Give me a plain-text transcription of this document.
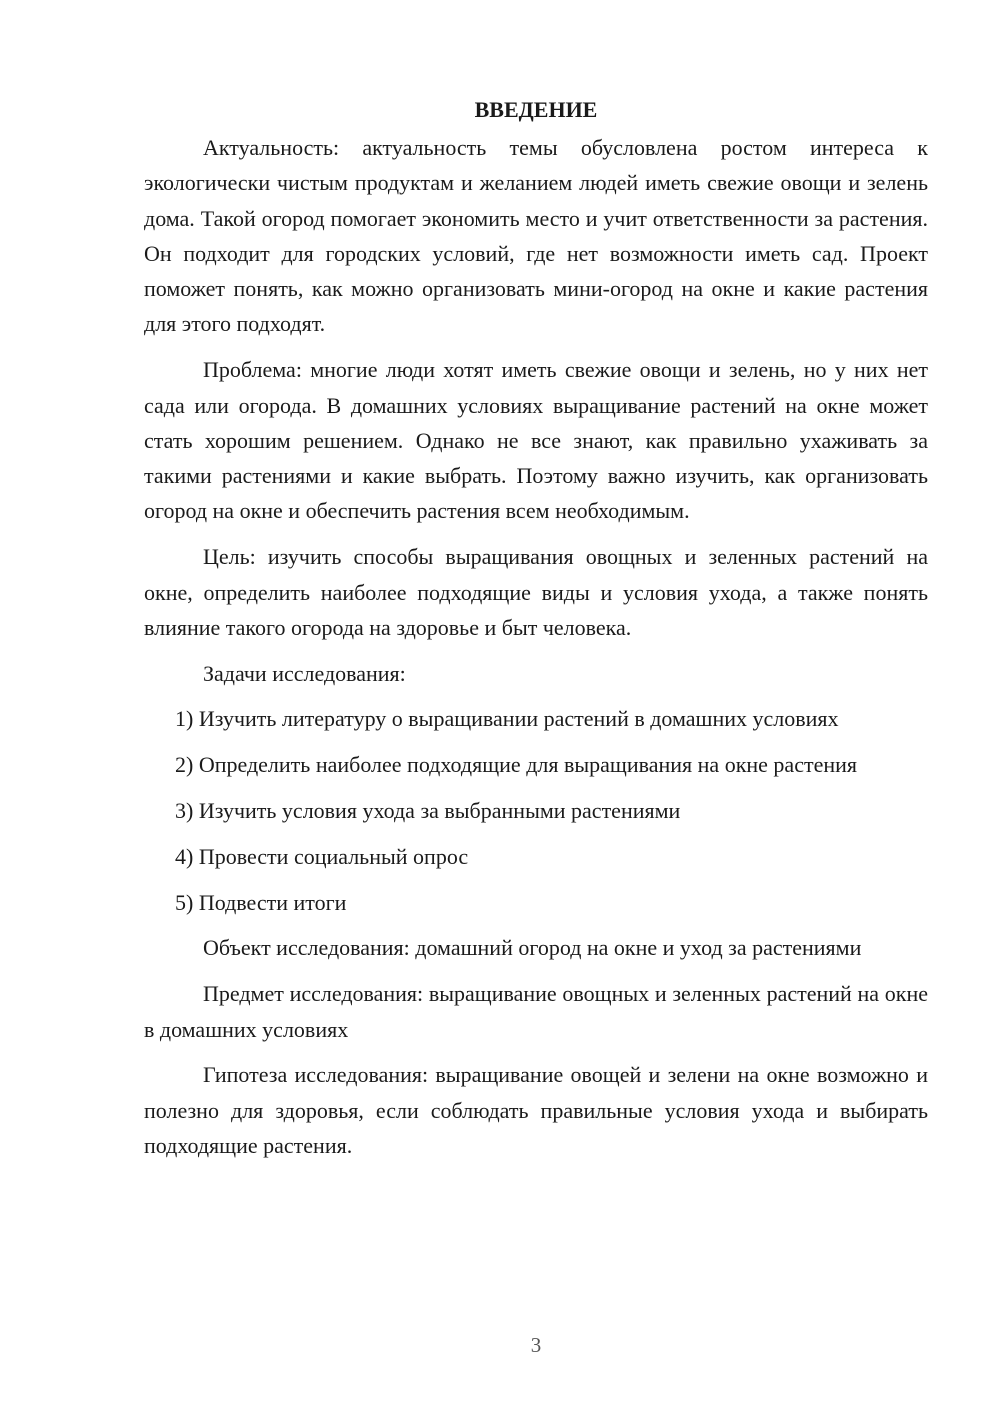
ВВЕДЕНИЕ

Актуальность: актуальность темы обусловлена ростом интереса к экологически чистым продуктам и желанием людей иметь свежие овощи и зелень дома. Такой огород помогает экономить место и учит ответственности за растения. Он подходит для городских условий, где нет возможности иметь сад. Проект поможет понять, как можно организовать мини-огород на окне и какие растения для этого подходят.

Проблема: многие люди хотят иметь свежие овощи и зелень, но у них нет сада или огорода. В домашних условиях выращивание растений на окне может стать хорошим решением. Однако не все знают, как правильно ухаживать за такими растениями и какие выбрать. Поэтому важно изучить, как организовать огород на окне и обеспечить растения всем необходимым.

Цель: изучить способы выращивания овощных и зеленных растений на окне, определить наиболее подходящие виды и условия ухода, а также понять влияние такого огорода на здоровье и быт человека.

Задачи исследования:

1) Изучить литературу о выращивании растений в домашних условиях

2) Определить наиболее подходящие для выращивания на окне растения

3) Изучить условия ухода за выбранными растениями

4) Провести социальный опрос

5) Подвести итоги

Объект исследования: домашний огород на окне и уход за растениями

Предмет исследования: выращивание овощных и зеленных растений на окне в домашних условиях

Гипотеза исследования: выращивание овощей и зелени на окне возможно и полезно для здоровья, если соблюдать правильные условия ухода и выбирать подходящие растения.

3
